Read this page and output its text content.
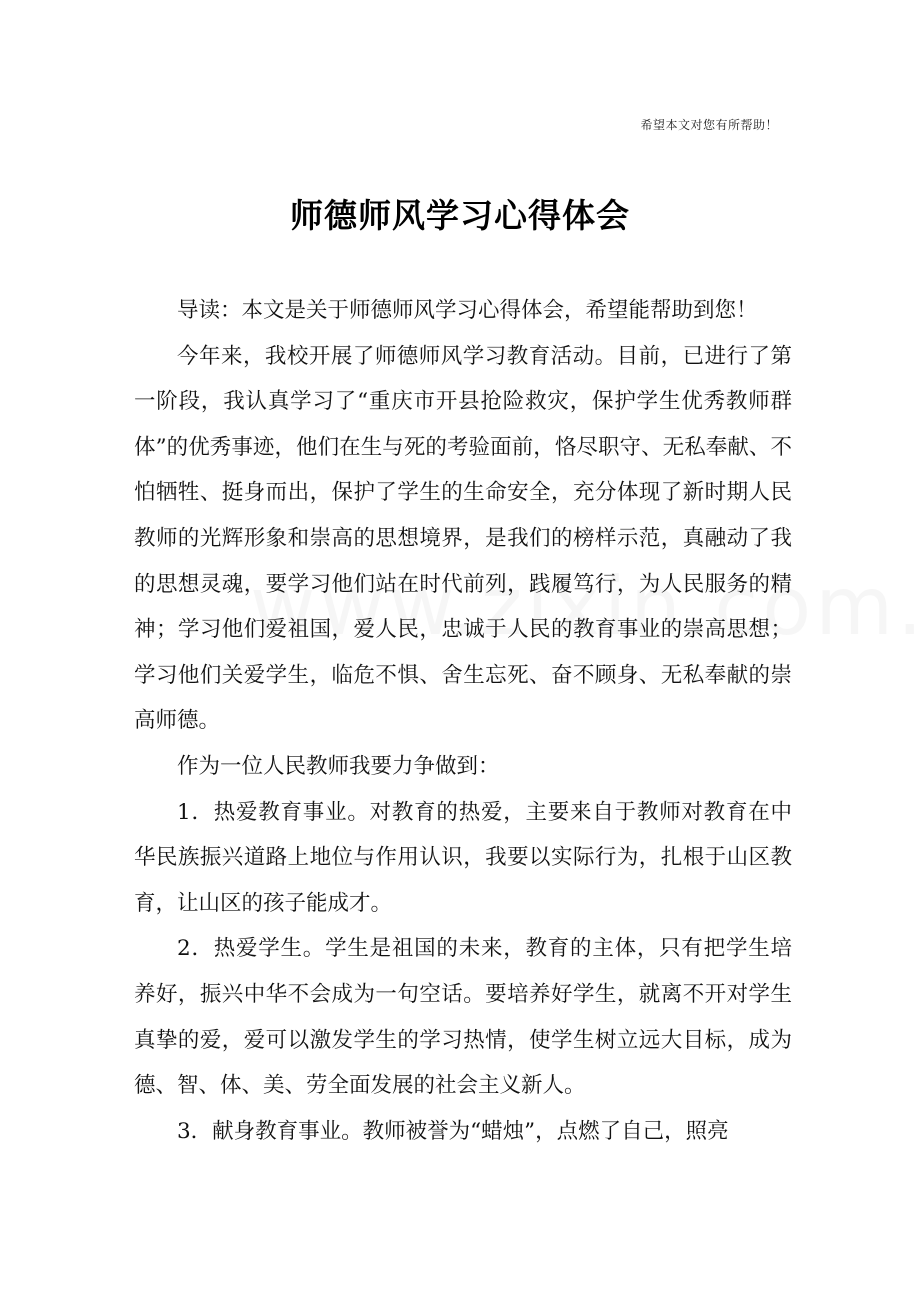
希望本文对您有所帮助！
师德师风学习心得体会

导读：本文是关于师德师风学习心得体会，希望能帮助到您！

今年来，我校开展了师德师风学习教育活动。目前，已进行了第一阶段，我认真学习了“重庆市开县抢险救灾，保护学生优秀教师群体”的优秀事迹，他们在生与死的考验面前，恪尽职守、无私奉献、不怕牺牲、挺身而出，保护了学生的生命安全，充分体现了新时期人民教师的光辉形象和崇高的思想境界，是我们的榜样示范，真融动了我的思想灵魂，要学习他们站在时代前列，践履笃行，为人民服务的精神；学习他们爱祖国，爱人民，忠诚于人民的教育事业的崇高思想；学习他们关爱学生，临危不惧、舍生忘死、奋不顾身、无私奉献的崇高师德。

作为一位人民教师我要力争做到：

1．热爱教育事业。对教育的热爱，主要来自于教师对教育在中华民族振兴道路上地位与作用认识，我要以实际行为，扎根于山区教育，让山区的孩子能成才。

2．热爱学生。学生是祖国的未来，教育的主体，只有把学生培养好，振兴中华不会成为一句空话。要培养好学生，就离不开对学生真挚的爱，爱可以激发学生的学习热情，使学生树立远大目标，成为德、智、体、美、劳全面发展的社会主义新人。

3．献身教育事业。教师被誉为“蜡烛”，点燃了自己，照亮
